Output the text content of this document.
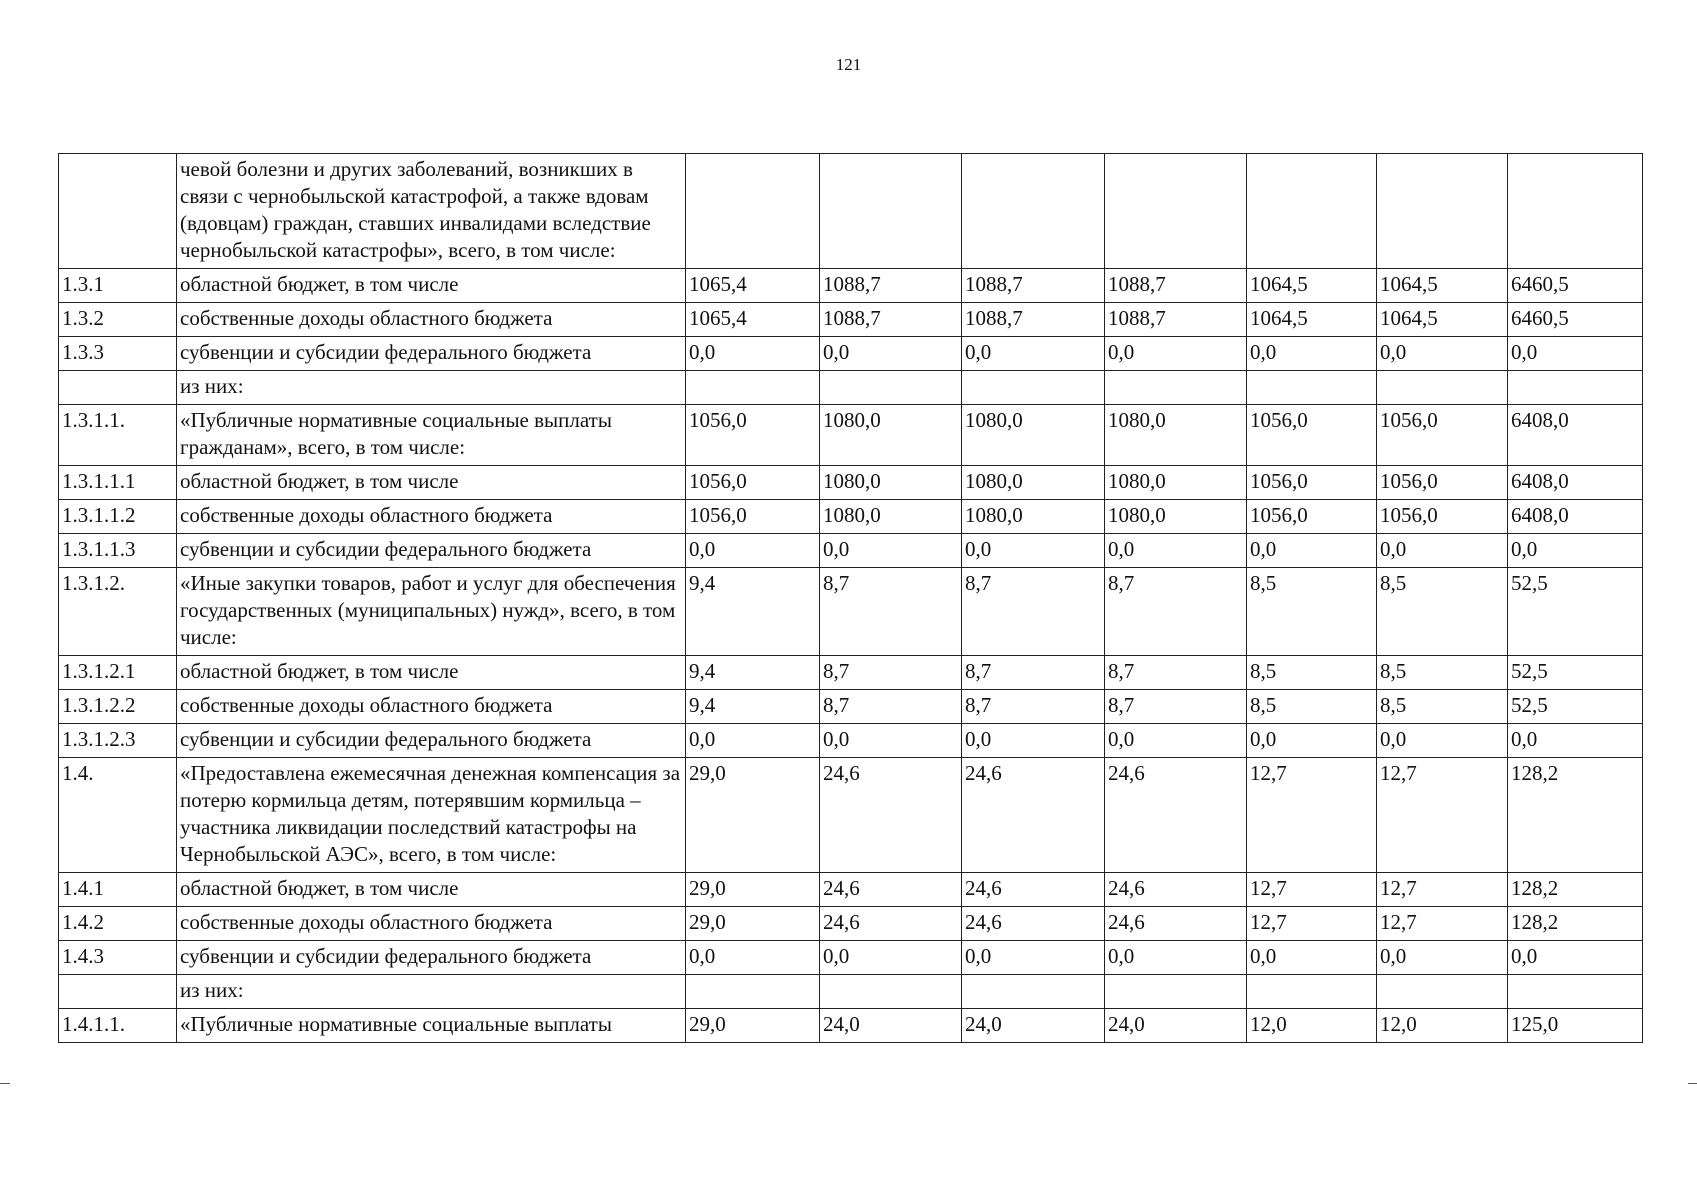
121
	чевой болезни и других заболеваний, возникших в связи с чернобыльской катастрофой, а также вдовам (вдовцам) граждан, ставших инвалидами вследствие чернобыльской катастрофы», всего, в том числе:							
1.3.1	областной бюджет, в том числе	1065,4	1088,7	1088,7	1088,7	1064,5	1064,5	6460,5
1.3.2	собственные доходы областного бюджета	1065,4	1088,7	1088,7	1088,7	1064,5	1064,5	6460,5
1.3.3	субвенции и субсидии федерального бюджета	0,0	0,0	0,0	0,0	0,0	0,0	0,0
	из них:							
1.3.1.1.	«Публичные нормативные социальные выплаты гражданам», всего, в том числе:	1056,0	1080,0	1080,0	1080,0	1056,0	1056,0	6408,0
1.3.1.1.1	областной бюджет, в том числе	1056,0	1080,0	1080,0	1080,0	1056,0	1056,0	6408,0
1.3.1.1.2	собственные доходы областного бюджета	1056,0	1080,0	1080,0	1080,0	1056,0	1056,0	6408,0
1.3.1.1.3	субвенции и субсидии федерального бюджета	0,0	0,0	0,0	0,0	0,0	0,0	0,0
1.3.1.2.	«Иные закупки товаров, работ и услуг для обеспечения государственных (муниципальных) нужд», всего, в том числе:	9,4	8,7	8,7	8,7	8,5	8,5	52,5
1.3.1.2.1	областной бюджет, в том числе	9,4	8,7	8,7	8,7	8,5	8,5	52,5
1.3.1.2.2	собственные доходы областного бюджета	9,4	8,7	8,7	8,7	8,5	8,5	52,5
1.3.1.2.3	субвенции и субсидии федерального бюджета	0,0	0,0	0,0	0,0	0,0	0,0	0,0
1.4.	«Предоставлена ежемесячная денежная компенсация за потерю кормильца детям, потерявшим кормильца – участника ликвидации последствий катастрофы на Чернобыльской АЭС», всего, в том числе:	29,0	24,6	24,6	24,6	12,7	12,7	128,2
1.4.1	областной бюджет, в том числе	29,0	24,6	24,6	24,6	12,7	12,7	128,2
1.4.2	собственные доходы областного бюджета	29,0	24,6	24,6	24,6	12,7	12,7	128,2
1.4.3	субвенции и субсидии федерального бюджета	0,0	0,0	0,0	0,0	0,0	0,0	0,0
	из них:							
1.4.1.1.	«Публичные нормативные социальные выплаты	29,0	24,0	24,0	24,0	12,0	12,0	125,0
